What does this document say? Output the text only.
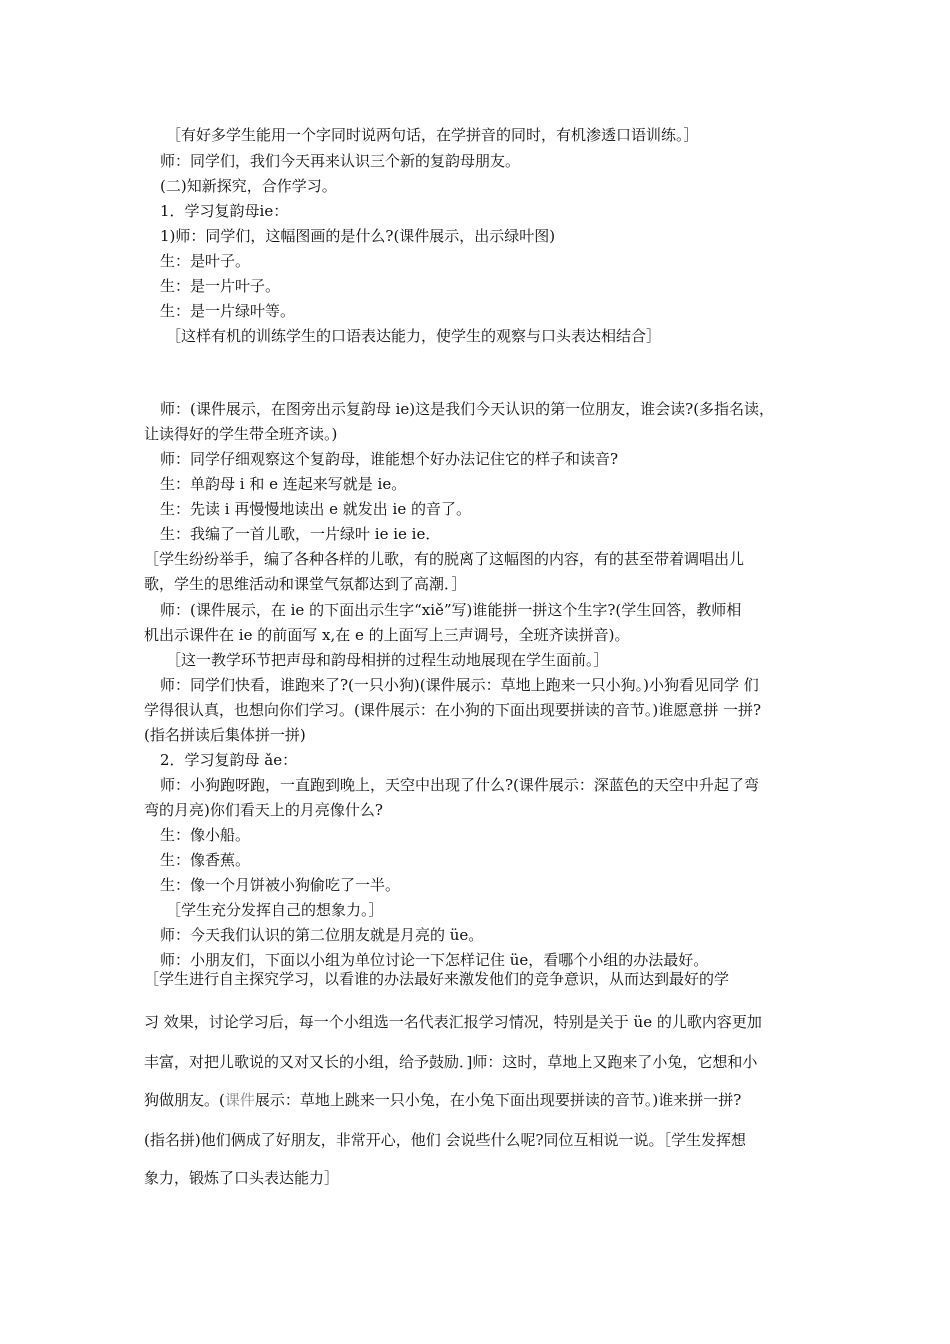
［有好多学生能用一个字同时说两句话，在学拼音的同时，有机渗透口语训练。］
师：同学们，我们今天再来认识三个新的复韵母朋友。
(二)知新探究，合作学习。
1．学习复韵母ie：
1)师：同学们，这幅图画的是什么?(课件展示，出示绿叶图)
生：是叶子。
生：是一片叶子。
生：是一片绿叶等。
［这样有机的训练学生的口语表达能力，使学生的观察与口头表达相结合］
师：(课件展示，在图旁出示复韵母 ie)这是我们今天认识的第一位朋友，谁会读?(多指名读，
让读得好的学生带全班齐读。)
师：同学仔细观察这个复韵母，谁能想个好办法记住它的样子和读音?
生：单韵母 i 和 e 连起来写就是 ie。
生：先读 i 再慢慢地读出 e 就发出 ie 的音了。
生：我编了一首儿歌，一片绿叶 ie ie ie．
［学生纷纷举手，编了各种各样的儿歌，有的脱离了这幅图的内容，有的甚至带着调唱出儿
歌，学生的思维活动和课堂气氛都达到了高潮．］
师：(课件展示，在 ie 的下面出示生字“xiě”写)谁能拼一拼这个生字?(学生回答，教师相
机出示课件在 ie 的前面写 x,在 e 的上面写上三声调号，全班齐读拼音)。
［这一教学环节把声母和韵母相拼的过程生动地展现在学生面前。］
师：同学们快看，谁跑来了?(一只小狗)(课件展示：草地上跑来一只小狗。)小狗看见同学 们
学得很认真，也想向你们学习。(课件展示：在小狗的下面出现要拼读的音节。)谁愿意拼 一拼?
(指名拼读后集体拼一拼)
2．学习复韵母 ǎe：
师：小狗跑呀跑，一直跑到晚上，天空中出现了什么?(课件展示：深蓝色的天空中升起了弯
弯的月亮)你们看天上的月亮像什么?
生：像小船。
生：像香蕉。
生：像一个月饼被小狗偷吃了一半。
［学生充分发挥自己的想象力。］
师：今天我们认识的第二位朋友就是月亮的 üe。
师：小朋友们，下面以小组为单位讨论一下怎样记住 üe，看哪个小组的办法最好。
［学生进行自主探究学习，以看谁的办法最好来激发他们的竞争意识，从而达到最好的学
习 效果，讨论学习后，每一个小组选一名代表汇报学习情况，特别是关于 üe 的儿歌内容更加
丰富，对把儿歌说的又对又长的小组，给予鼓励．]师：这时，草地上又跑来了小兔，它想和小
狗做朋友。(课件展示：草地上跳来一只小兔，在小兔下面出现要拼读的音节。)谁来拼一拼?
(指名拼)他们俩成了好朋友，非常开心，他们 会说些什么呢?同位互相说一说。［学生发挥想
象力，锻炼了口头表达能力］
